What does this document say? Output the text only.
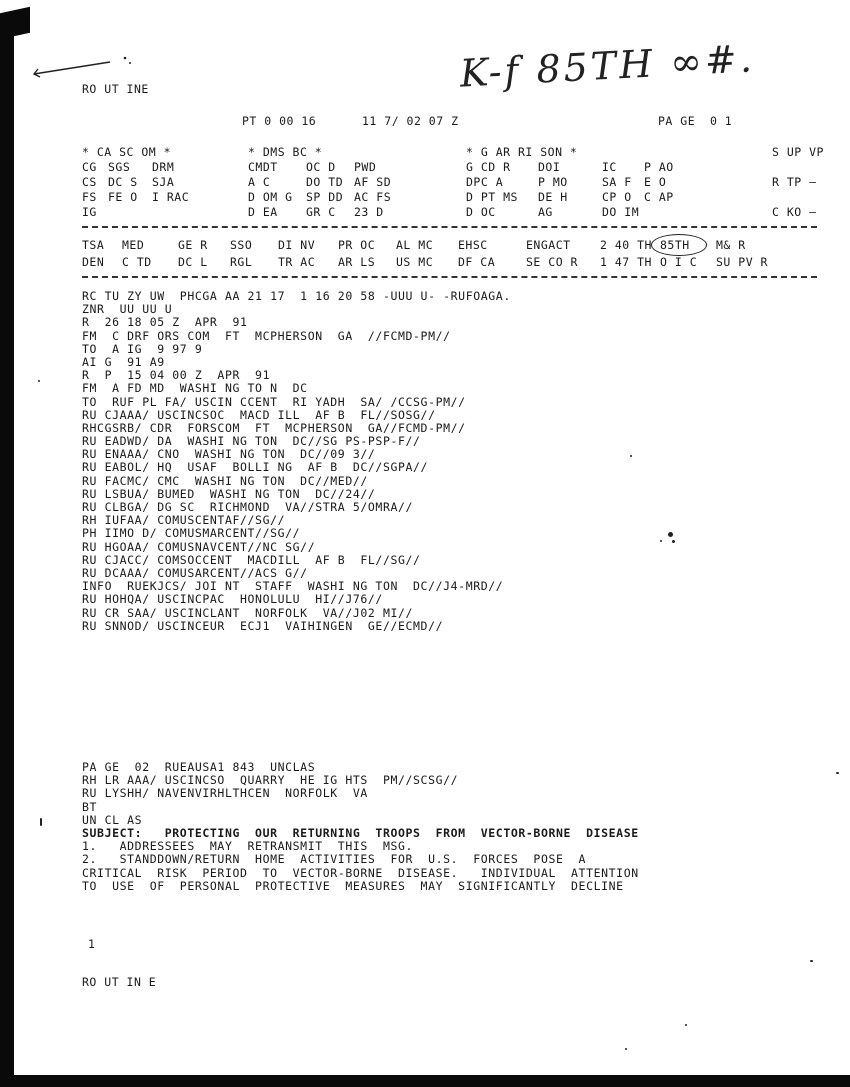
K-f 85TH ∞#.
RO UT INE
PT 0 00 16	11 7/ 02 07 Z	PA GE  0 1
* CA SC OM *	* DMS BC *	* G AR RI SON *	S UP VP
CG SGS DRM	CMDT OC D PWD	G CD R DOI	IC P AO
CS DC S SJA	A C	DO TD AF SD	DPC A	P MO	SA F E O	R TP —
FS FE O I RAC	D OM G SP DD AC FS	D PT MS DE H	CP O C AP
IG	D EA GR C 23 D	D OC	AG	DO IM	C KO —
TSA MED	GE R SSO DI NV PR OC AL MC EHSC	ENGACT	2 40 TH 85TH M& R
DEN C TD DC L RGL TR AC AR LS US MC DF CA	SE CO R 1 47 TH O I C SU PV R
RC TU ZY UW  PHCGA AA 21 17  1 16 20 58 -UUU U- -RUFOAGA.
ZNR  UU UU U
R  26 18 05 Z  APR  91
FM  C DRF ORS COM  FT  MCPHERSON  GA  //FCMD-PM//
TO  A IG  9 97 9
AI G  91 A9
R  P  15 04 00 Z  APR  91
FM  A FD MD  WASHI NG TO N  DC
TO  RUF PL FA/ USCIN CCENT  RI YADH  SA/ /CCSG-PM//
RU CJAAA/ USCINCSOC  MACD ILL  AF B  FL//SOSG//
RHCGSRB/ CDR  FORSCOM  FT  MCPHERSON  GA//FCMD-PM//
RU EADWD/ DA  WASHI NG TON  DC//SG PS-PSP-F//
RU ENAAA/ CNO  WASHI NG TON  DC//09 3//
RU EABOL/ HQ  USAF  BOLLI NG  AF B  DC//SGPA//
RU FACMC/ CMC  WASHI NG TON  DC//MED//
RU LSBUA/ BUMED  WASHI NG TON  DC//24//
RU CLBGA/ DG SC  RICHMOND  VA//STRA 5/OMRA//
RH IUFAA/ COMUSCENTAF//SG//
PH IIMO D/ COMUSMARCENT//SG//
RU HGOAA/ COMUSNAVCENT//NC SG//
RU CJACC/ COMSOCCENT  MACDILL  AF B  FL//SG//
RU DCAAA/ COMUSARCENT//ACS G//
INFO  RUEKJCS/ JOI NT  STAFF  WASHI NG TON  DC//J4-MRD//
RU HOHQA/ USCINCPAC  HONOLULU  HI//J76//
RU CR SAA/ USCINCLANT  NORFOLK  VA//J02 MI//
RU SNNOD/ USCINCEUR  ECJ1  VAIHINGEN  GE//ECMD//
PA GE  02  RUEAUSA1 843  UNCLAS
RH LR AAA/ USCINCSO  QUARRY  HE IG HTS  PM//SCSG//
RU LYSHH/ NAVENVIRHLTHCEN  NORFOLK  VA
BT
UN CL AS
SUBJECT:   PROTECTING  OUR  RETURNING  TROOPS  FROM  VECTOR-BORNE  DISEASE
1.   ADDRESSEES  MAY  RETRANSMIT  THIS  MSG.
2.   STANDDOWN/RETURN  HOME  ACTIVITIES  FOR  U.S.  FORCES  POSE  A
CRITICAL  RISK  PERIOD  TO  VECTOR-BORNE  DISEASE.   INDIVIDUAL  ATTENTION
TO  USE  OF  PERSONAL  PROTECTIVE  MEASURES  MAY  SIGNIFICANTLY  DECLINE
1
RO UT IN E
